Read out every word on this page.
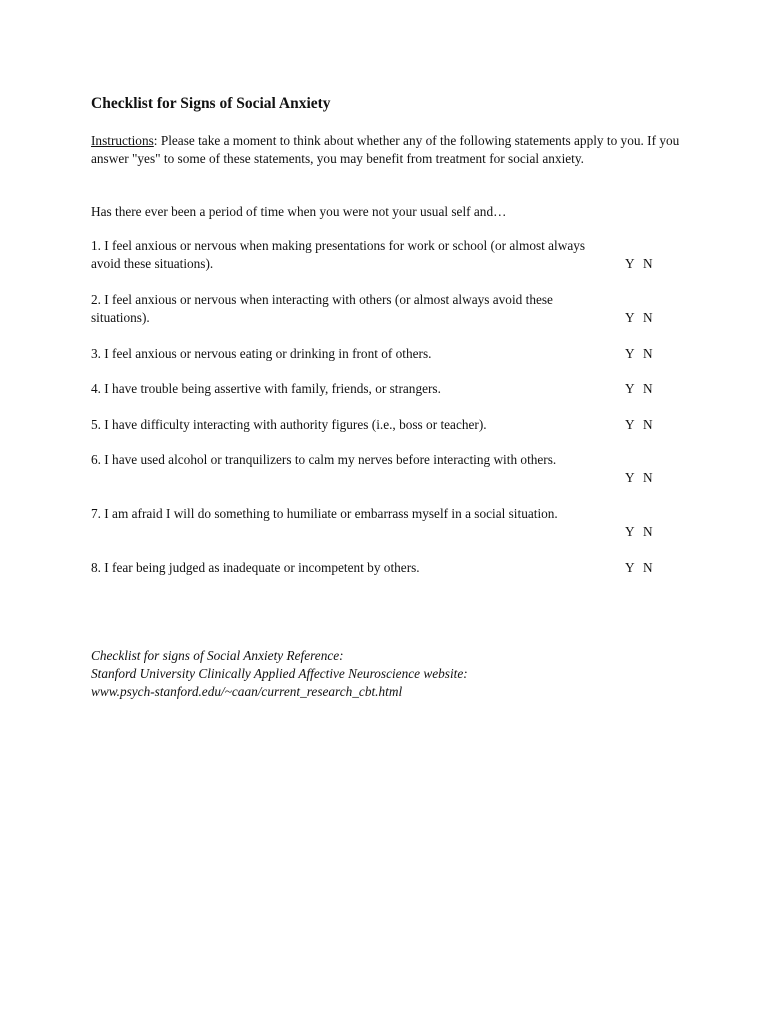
Checklist for Signs of Social Anxiety
Instructions: Please take a moment to think about whether any of the following statements apply to you. If you answer "yes" to some of these statements, you may benefit from treatment for social anxiety.
Has there ever been a period of time when you were not your usual self and…
1. I feel anxious or nervous when making presentations for work or school (or almost always avoid these situations).	Y N
2. I feel anxious or nervous when interacting with others (or almost always avoid these situations).	Y N
3. I feel anxious or nervous eating or drinking in front of others.	Y N
4. I have trouble being assertive with family, friends, or strangers.	Y N
5. I have difficulty interacting with authority figures (i.e., boss or teacher).	Y N
6. I have used alcohol or tranquilizers to calm my nerves before interacting with others.
Y N
7. I am afraid I will do something to humiliate or embarrass myself in a social situation.
Y N
8. I fear being judged as inadequate or incompetent by others.	Y N
Checklist for signs of Social Anxiety Reference:
Stanford University Clinically Applied Affective Neuroscience website:
www.psych-stanford.edu/~caan/current_research_cbt.html
